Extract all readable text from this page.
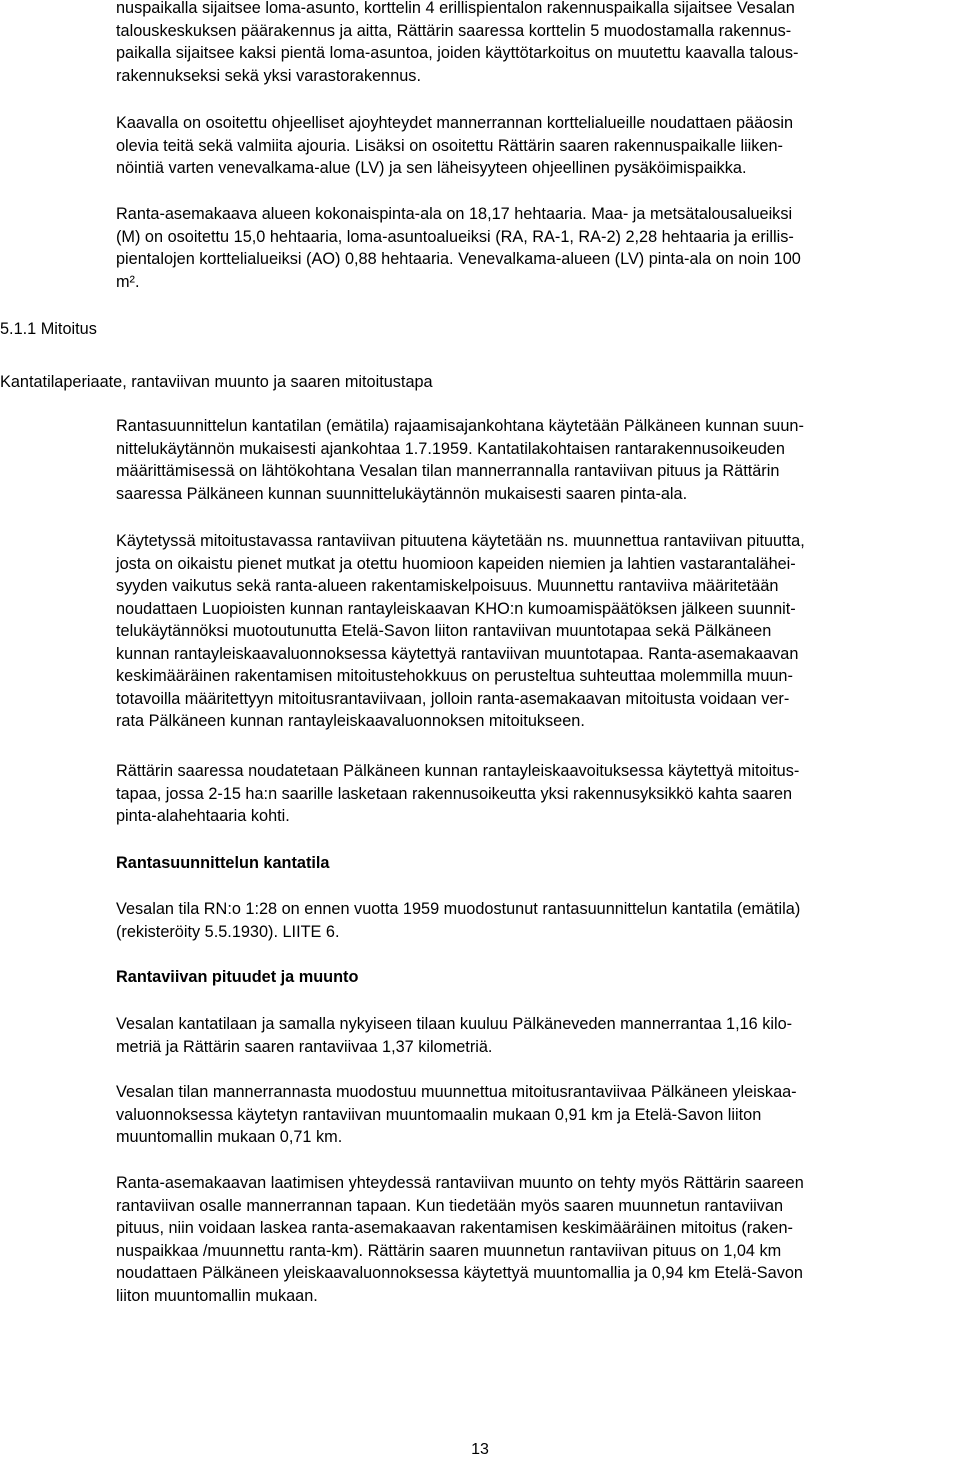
nuspaikalla sijaitsee loma-asunto, korttelin 4 erillispientalon rakennuspaikalla sijaitsee Vesalan
talouskeskuksen päärakennus ja aitta, Rättärin saaressa korttelin 5 muodostamalla rakennus-
paikalla sijaitsee kaksi pientä loma-asuntoa, joiden käyttötarkoitus on muutettu kaavalla talous-
rakennukseksi sekä yksi varastorakennus.

Kaavalla on osoitettu ohjeelliset ajoyhteydet mannerrannan korttelialueille noudattaen pääosin
olevia teitä sekä valmiita ajouria. Lisäksi on osoitettu Rättärin saaren rakennuspaikalle liiken-
nöintiä varten venevalkama-alue (LV) ja sen läheisyyteen ohjeellinen pysäköimispaikka.

Ranta-asemakaava alueen kokonaispinta-ala on 18,17 hehtaaria. Maa- ja metsätalousalueiksi
(M) on osoitettu 15,0 hehtaaria, loma-asuntoalueiksi (RA, RA-1, RA-2) 2,28 hehtaaria ja erillis-
pientalojen korttelialueiksi (AO) 0,88 hehtaaria. Venevalkama-alueen (LV) pinta-ala on noin 100
m².

5.1.1 Mitoitus
Kantatilaperiaate, rantaviivan muunto ja saaren mitoitustapa

Rantasuunnittelun kantatilan (emätila) rajaamisajankohtana käytetään Pälkäneen kunnan suun-
nittelukäytännön mukaisesti ajankohtaa 1.7.1959. Kantatilakohtaisen rantarakennusoikeuden
määrittämisessä on lähtökohtana Vesalan tilan mannerrannalla rantaviivan pituus ja Rättärin
saaressa Pälkäneen kunnan suunnittelukäytännön mukaisesti saaren pinta-ala.

Käytetyssä mitoitustavassa rantaviivan pituutena käytetään ns. muunnettua rantaviivan pituutta,
josta on oikaistu pienet mutkat ja otettu huomioon kapeiden niemien ja lahtien vastarantalähei-
syyden vaikutus sekä ranta-alueen rakentamiskelpoisuus. Muunnettu rantaviiva määritetään
noudattaen Luopioisten kunnan rantayleiskaavan KHO:n kumoamispäätöksen jälkeen suunnit-
telukäytännöksi muotoutunutta Etelä-Savon liiton rantaviivan muuntotapaa sekä Pälkäneen
kunnan rantayleiskaavaluonnoksessa käytettyä rantaviivan muuntotapaa. Ranta-asemakaavan
keskimääräinen rakentamisen mitoitustehokkuus on perusteltua suhteuttaa molemmilla muun-
totavoilla määritettyyn mitoitusrantaviivaan, jolloin ranta-asemakaavan mitoitusta voidaan ver-
rata Pälkäneen kunnan rantayleiskaavaluonnoksen mitoitukseen.

Rättärin saaressa noudatetaan Pälkäneen kunnan rantayleiskaavoituksessa käytettyä mitoitus-
tapaa, jossa 2-15 ha:n saarille lasketaan rakennusoikeutta yksi rakennusyksikkö kahta saaren
pinta-alahehtaaria kohti.

Rantasuunnittelun kantatila

Vesalan tila RN:o 1:28 on ennen vuotta 1959 muodostunut rantasuunnittelun kantatila (emätila)
(rekisteröity 5.5.1930). LIITE 6.

Rantaviivan pituudet ja muunto

Vesalan kantatilaan ja samalla nykyiseen tilaan kuuluu Pälkäneveden mannerrantaa 1,16 kilo-
metriä ja Rättärin saaren rantaviivaa 1,37 kilometriä.

Vesalan tilan mannerrannasta muodostuu muunnettua mitoitusrantaviivaa Pälkäneen yleiskaa-
valuonnoksessa käytetyn rantaviivan muuntomaalin mukaan 0,91 km ja Etelä-Savon liiton
muuntomallin mukaan 0,71 km.

Ranta-asemakaavan laatimisen yhteydessä rantaviivan muunto on tehty myös Rättärin saareen
rantaviivan osalle mannerrannan tapaan. Kun tiedetään myös saaren muunnetun rantaviivan
pituus, niin voidaan laskea ranta-asemakaavan rakentamisen keskimääräinen mitoitus (raken-
nuspaikkaa /muunnettu ranta-km). Rättärin saaren muunnetun rantaviivan pituus on 1,04 km
noudattaen Pälkäneen yleiskaavaluonnoksessa käytettyä muuntomallia ja 0,94 km Etelä-Savon
liiton muuntomallin mukaan.

13
